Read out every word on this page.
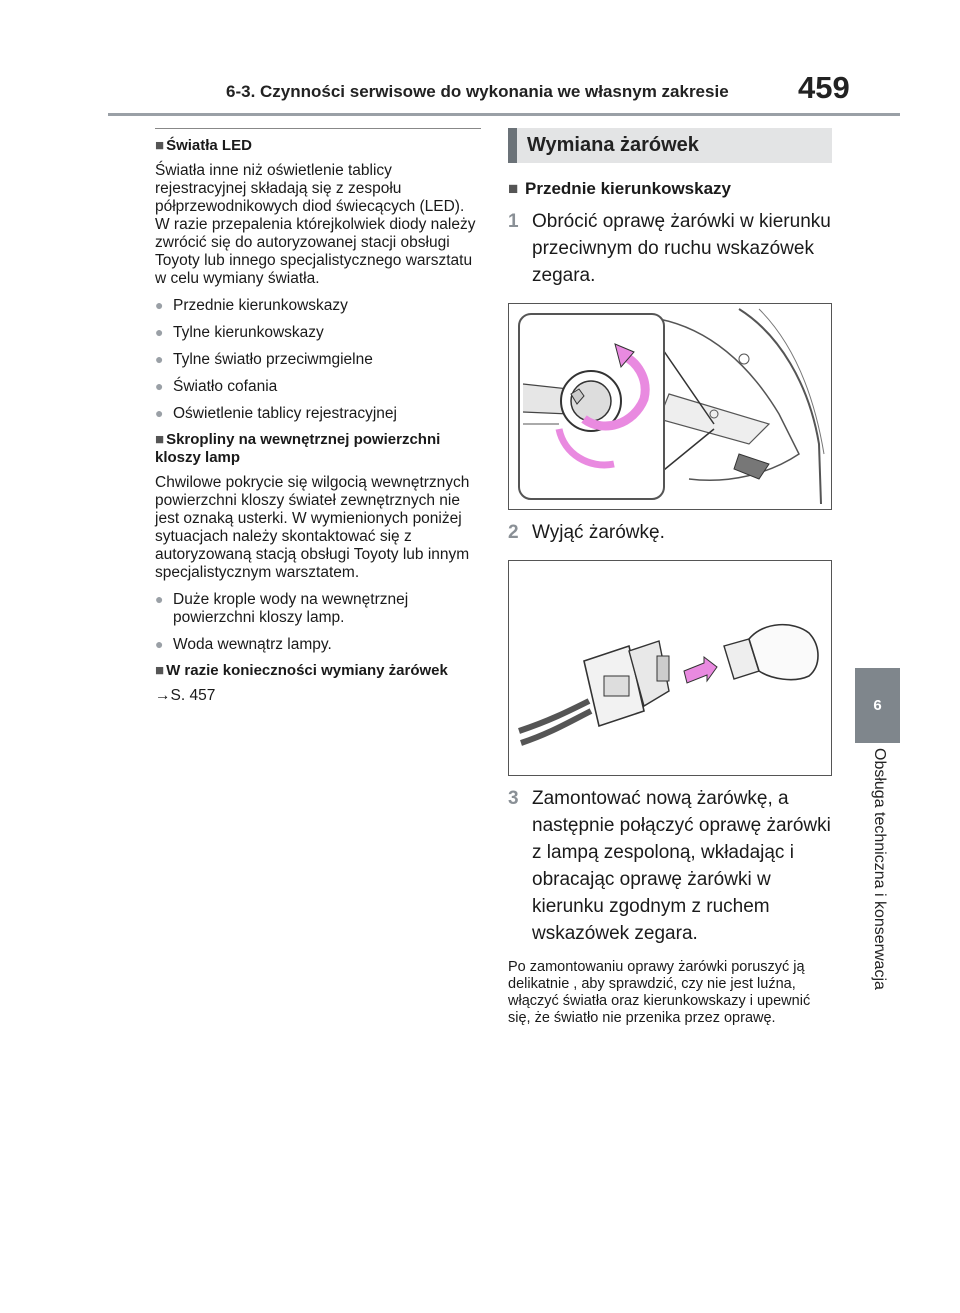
6-3. Czynności serwisowe do wykonania we własnym zakresie	459
6
Obsługa techniczna i konserwacja
■ Światła LED
Światła inne niż oświetlenie tablicy rejestracyjnej składają się z zespołu półprzewodnikowych diod świecących (LED). W razie przepalenia którejkolwiek diody należy zwrócić się do autoryzowanej stacji obsługi Toyoty lub innego specjalistycznego warsztatu w celu wymiany światła.
● Przednie kierunkowskazy
● Tylne kierunkowskazy
● Tylne światło przeciwmgielne
● Światło cofania
● Oświetlenie tablicy rejestracyjnej
■ Skropliny na wewnętrznej powierzchni kloszy lamp
Chwilowe pokrycie się wilgocią wewnętrznych powierzchni kloszy świateł zewnętrznych nie jest oznaką usterki. W wymienionych poniżej sytuacjach należy skontaktować się z autoryzowaną stacją obsługi Toyoty lub innym specjalistycznym warsztatem.
● Duże krople wody na wewnętrznej powierzchni kloszy lamp.
● Woda wewnątrz lampy.
■ W razie konieczności wymiany żarówek
→S. 457
Wymiana żarówek
■ Przednie kierunkowskazy
1 Obrócić oprawę żarówki w kierunku przeciwnym do ruchu wskazówek zegara.
2 Wyjąć żarówkę.
3 Zamontować nową żarówkę, a następnie połączyć oprawę żarówki z lampą zespoloną, wkładając i obracając oprawę żarówki w kierunku zgodnym z ruchem wskazówek zegara.
Po zamontowaniu oprawy żarówki poruszyć ją delikatnie , aby sprawdzić, czy nie jest luźna, włączyć światła oraz kierunkowskazy i upewnić się, że światło nie przenika przez oprawę.
